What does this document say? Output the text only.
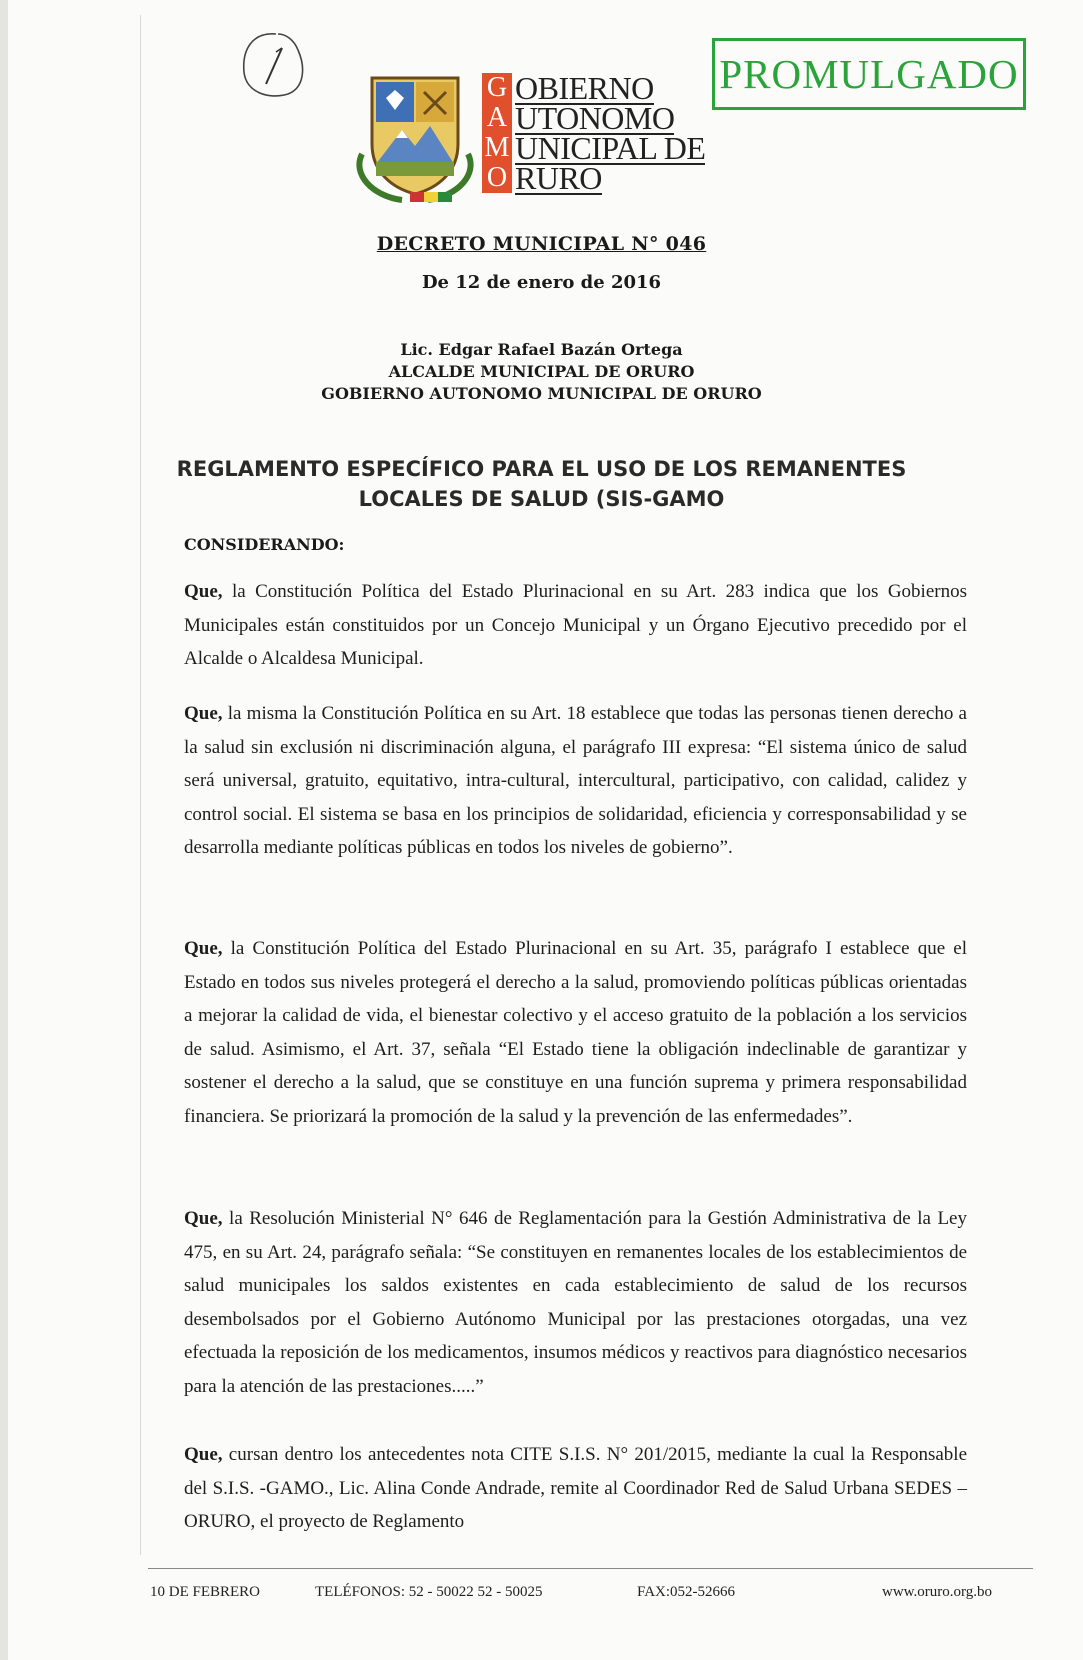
PROMULGADO
G
A
M
O
OBIERNO
UTONOMO
UNICIPAL DE
RURO
DECRETO MUNICIPAL N° 046
De 12 de enero de 2016
Lic. Edgar Rafael Bazán Ortega
ALCALDE MUNICIPAL DE ORURO
GOBIERNO AUTONOMO MUNICIPAL DE ORURO
REGLAMENTO ESPECÍFICO PARA EL USO DE LOS REMANENTES
LOCALES DE SALUD (SIS-GAMO
CONSIDERANDO:
Que, la Constitución Política del Estado Plurinacional en su Art. 283 indica que los Gobiernos Municipales están constituidos por un Concejo Municipal y un Órgano Ejecutivo precedido por el Alcalde o Alcaldesa Municipal.
Que, la misma la Constitución Política en su Art. 18 establece que todas las personas tienen derecho a la salud sin exclusión ni discriminación alguna, el parágrafo III expresa: “El sistema único de salud será universal, gratuito, equitativo, intra-cultural, intercultural, participativo, con calidad, calidez y control social. El sistema se basa en los principios de solidaridad, eficiencia y corresponsabilidad y se desarrolla mediante políticas públicas en todos los niveles de gobierno”.
Que, la Constitución Política del Estado Plurinacional en su Art. 35, parágrafo I establece que el Estado en todos sus niveles protegerá el derecho a la salud, promoviendo políticas públicas orientadas a mejorar la calidad de vida, el bienestar colectivo y el acceso gratuito de la población a los servicios de salud. Asimismo, el Art. 37, señala “El Estado tiene la obligación indeclinable de garantizar y sostener el derecho a la salud, que se constituye en una función suprema y primera responsabilidad financiera. Se priorizará la promoción de la salud y la prevención de las enfermedades”.
Que, la Resolución Ministerial N° 646 de Reglamentación para la Gestión Administrativa de la Ley 475, en su Art. 24, parágrafo señala: “Se constituyen en remanentes locales de los establecimientos de salud municipales los saldos existentes en cada establecimiento de salud de los recursos desembolsados por el Gobierno Autónomo Municipal por las prestaciones otorgadas, una vez efectuada la reposición de los medicamentos, insumos médicos y reactivos para diagnóstico necesarios para la atención de las prestaciones.....”
Que, cursan dentro los antecedentes nota CITE S.I.S. N° 201/2015, mediante la cual la Responsable del S.I.S. -GAMO., Lic. Alina Conde Andrade, remite al Coordinador Red de Salud Urbana SEDES – ORURO, el proyecto de Reglamento
10 DE FEBRERO	TELÉFONOS: 52 - 50022 52 - 50025	FAX:052-52666	www.oruro.org.bo
